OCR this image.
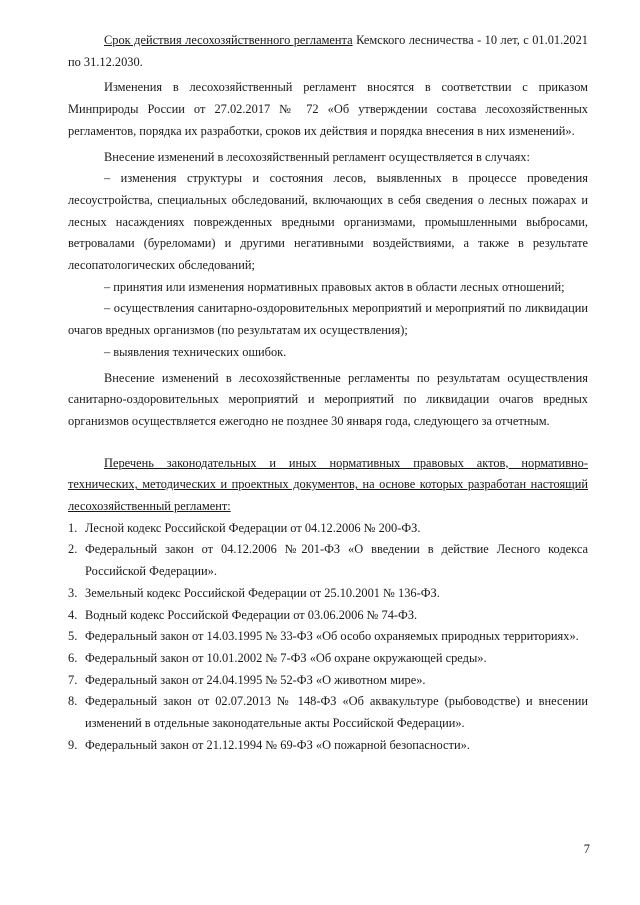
Срок действия лесохозяйственного регламента Кемского лесничества - 10 лет, с 01.01.2021 по 31.12.2030.

Изменения в лесохозяйственный регламент вносятся в соответствии с приказом Минприроды России от 27.02.2017 № 72 «Об утверждении состава лесохозяйственных регламентов, порядка их разработки, сроков их действия и порядка внесения в них изменений».

Внесение изменений в лесохозяйственный регламент осуществляется в случаях:

– изменения структуры и состояния лесов, выявленных в процессе проведения лесоустройства, специальных обследований, включающих в себя сведения о лесных пожарах и лесных насаждениях поврежденных вредными организмами, промышленными выбросами, ветровалами (буреломами) и другими негативными воздействиями, а также в результате лесопатологических обследований;

– принятия или изменения нормативных правовых актов в области лесных отношений;

– осуществления санитарно-оздоровительных мероприятий и мероприятий по ликвидации очагов вредных организмов (по результатам их осуществления);

– выявления технических ошибок.

Внесение изменений в лесохозяйственные регламенты по результатам осуществления санитарно-оздоровительных мероприятий и мероприятий по ликвидации очагов вредных организмов осуществляется ежегодно не позднее 30 января года, следующего за отчетным.

Перечень законодательных и иных нормативных правовых актов, нормативно-технических, методических и проектных документов, на основе которых разработан настоящий лесохозяйственный регламент:

1. Лесной кодекс Российской Федерации от 04.12.2006 № 200-ФЗ.
2. Федеральный закон от 04.12.2006 №201-ФЗ «О введении в действие Лесного кодекса Российской Федерации».
3. Земельный кодекс Российской Федерации от 25.10.2001 № 136-ФЗ.
4. Водный кодекс Российской Федерации от 03.06.2006 № 74-ФЗ.
5. Федеральный закон от 14.03.1995 № 33-ФЗ «Об особо охраняемых природных территориях».
6. Федеральный закон от 10.01.2002 № 7-ФЗ «Об охране окружающей среды».
7. Федеральный закон от 24.04.1995 № 52-ФЗ «О животном мире».
8. Федеральный закон от 02.07.2013 № 148-ФЗ «Об аквакультуре (рыбоводстве) и внесении изменений в отдельные законодательные акты Российской Федерации».
9. Федеральный закон от 21.12.1994 № 69-ФЗ «О пожарной безопасности».
7
